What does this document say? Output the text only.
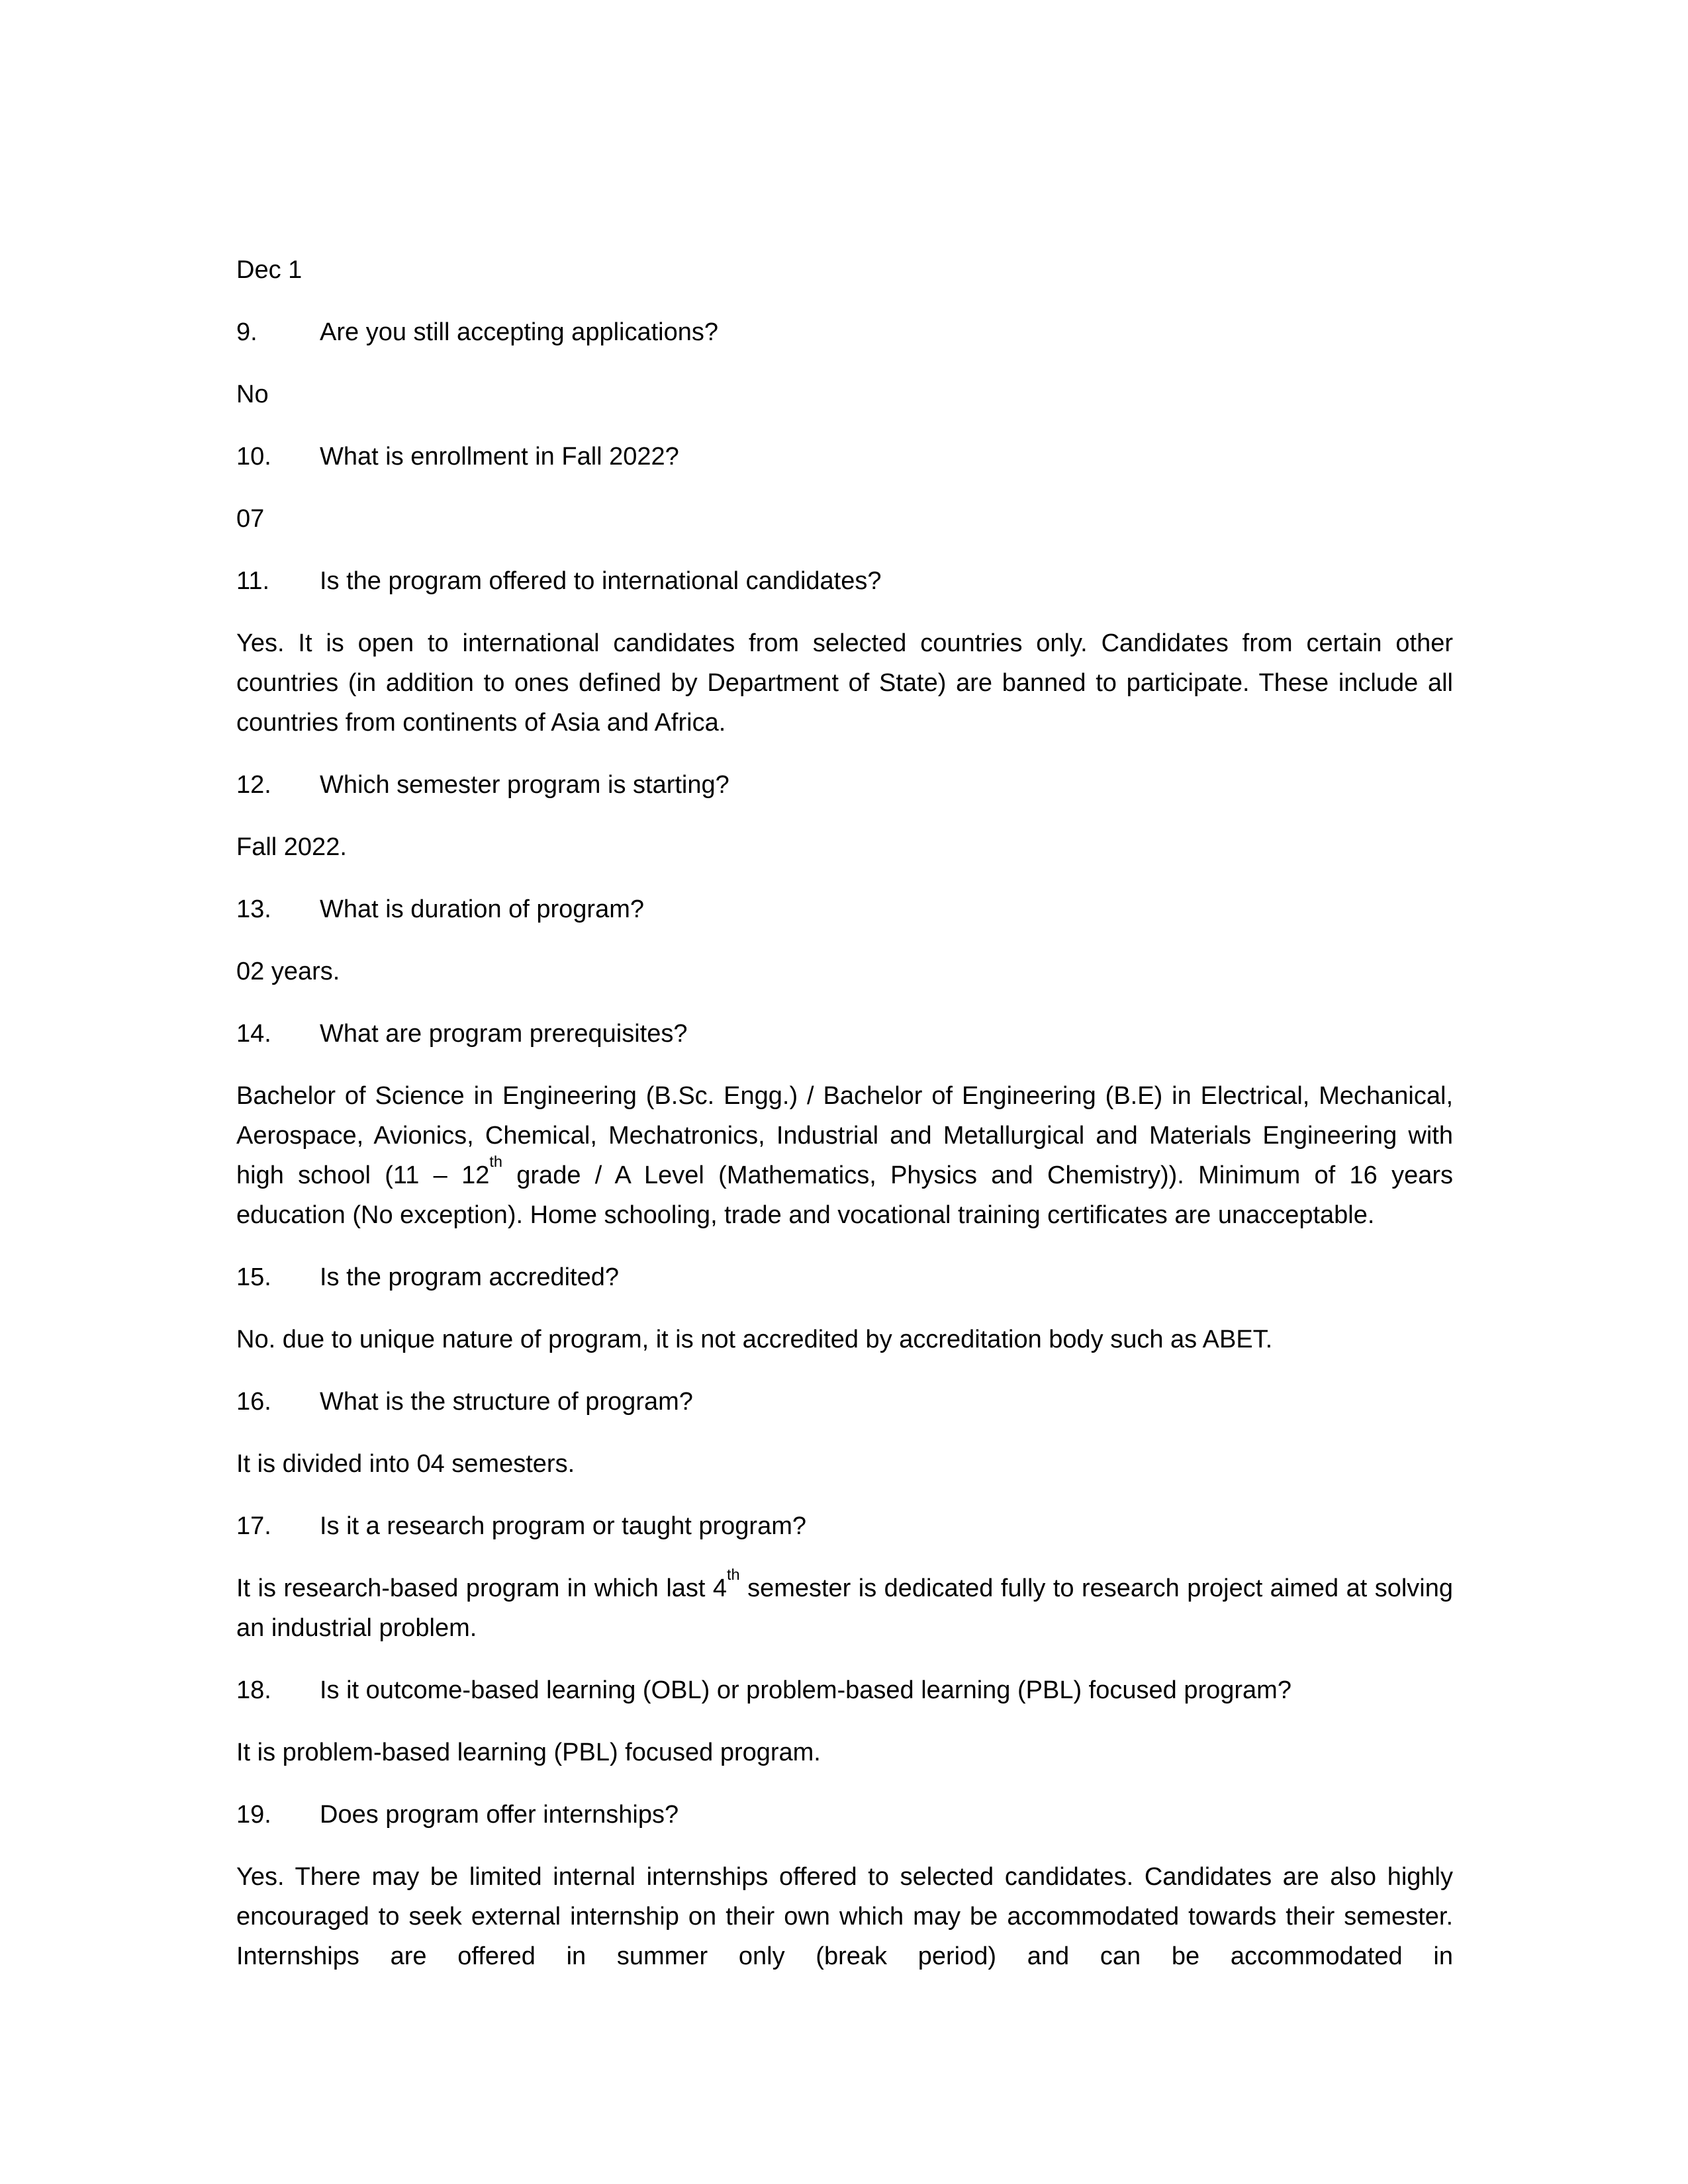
Dec 1
9.	Are you still accepting applications?
No
10.	What is enrollment in Fall 2022?
07
11.	Is the program offered to international candidates?
Yes. It is open to international candidates from selected countries only. Candidates from certain other countries (in addition to ones defined by Department of State) are banned to participate. These include all countries from continents of Asia and Africa.
12.	Which semester program is starting?
Fall 2022.
13.	What is duration of program?
02 years.
14.	What are program prerequisites?
Bachelor of Science in Engineering (B.Sc. Engg.) / Bachelor of Engineering (B.E) in Electrical, Mechanical, Aerospace, Avionics, Chemical, Mechatronics, Industrial and Metallurgical and Materials Engineering with high school (11 – 12th grade / A Level (Mathematics, Physics and Chemistry)). Minimum of 16 years education (No exception). Home schooling, trade and vocational training certificates are unacceptable.
15.	Is the program accredited?
No. due to unique nature of program, it is not accredited by accreditation body such as ABET.
16.	What is the structure of program?
It is divided into 04 semesters.
17.	Is it a research program or taught program?
It is research-based program in which last 4th semester is dedicated fully to research project aimed at solving an industrial problem.
18.	Is it outcome-based learning (OBL) or problem-based learning (PBL) focused program?
It is problem-based learning (PBL) focused program.
19.	Does program offer internships?
Yes. There may be limited internal internships offered to selected candidates. Candidates are also highly encouraged to seek external internship on their own which may be accommodated towards their semester. Internships are offered in summer only (break period) and can be accommodated in
